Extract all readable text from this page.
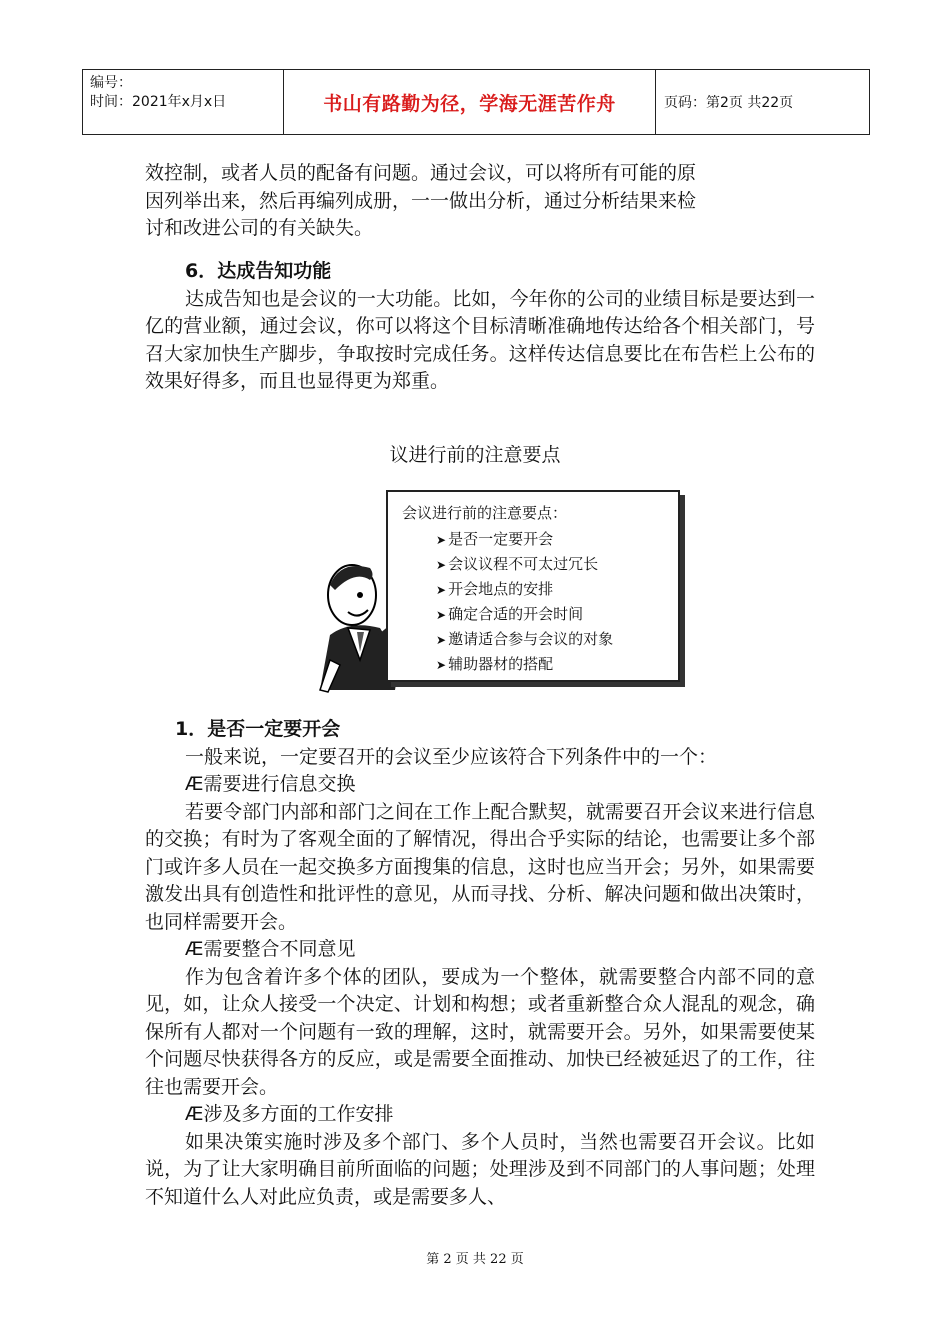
编号：
时间：2021年x月x日	书山有路勤为径，学海无涯苦作舟	页码：第2页 共22页

效控制，或者人员的配备有问题。通过会议，可以将所有可能的原

因列举出来，然后再编列成册，一一做出分析，通过分析结果来检

讨和改进公司的有关缺失。

6．达成告知功能

达成告知也是会议的一大功能。比如，今年你的公司的业绩目标是要达到一亿的营业额，通过会议，你可以将这个目标清晰准确地传达给各个相关部门，号召大家加快生产脚步，争取按时完成任务。这样传达信息要比在布告栏上公布的效果好得多，而且也显得更为郑重。

议进行前的注意要点
会议进行前的注意要点：
➤ 是否一定要开会
➤ 会议议程不可太过冗长
➤ 开会地点的安排
➤ 确定合适的开会时间
➤ 邀请适合参与会议的对象
➤ 辅助器材的搭配

1．是否一定要开会

一般来说，一定要召开的会议至少应该符合下列条件中的一个：

Æ需要进行信息交换

若要令部门内部和部门之间在工作上配合默契，就需要召开会议来进行信息的交换；有时为了客观全面的了解情况，得出合乎实际的结论，也需要让多个部门或许多人员在一起交换多方面搜集的信息，这时也应当开会；另外，如果需要激发出具有创造性和批评性的意见，从而寻找、分析、解决问题和做出决策时，也同样需要开会。

Æ需要整合不同意见

作为包含着许多个体的团队，要成为一个整体，就需要整合内部不同的意见，如，让众人接受一个决定、计划和构想；或者重新整合众人混乱的观念，确保所有人都对一个问题有一致的理解，这时，就需要开会。另外，如果需要使某个问题尽快获得各方的反应，或是需要全面推动、加快已经被延迟了的工作，往往也需要开会。

Æ涉及多方面的工作安排

如果决策实施时涉及多个部门、多个人员时，当然也需要召开会议。比如说，为了让大家明确目前所面临的问题；处理涉及到不同部门的人事问题；处理不知道什么人对此应负责，或是需要多人、

第 2 页 共 22 页
